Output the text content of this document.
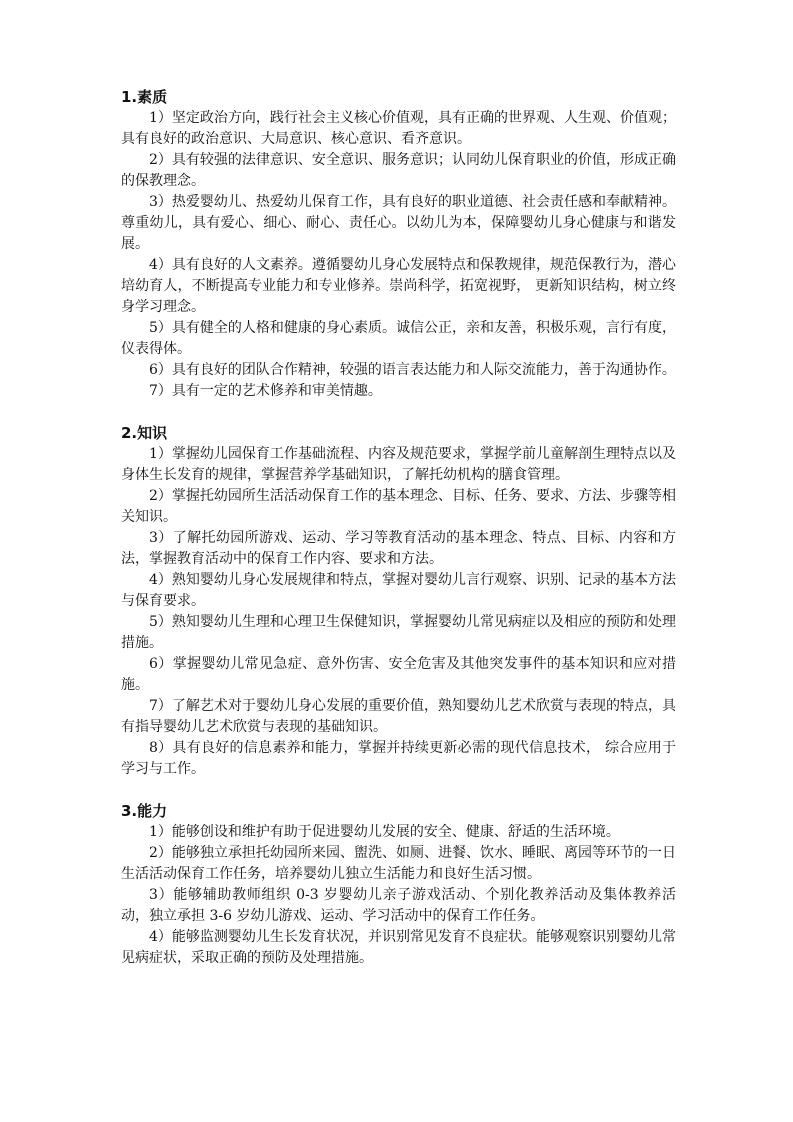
1.素质

1）坚定政治方向，践行社会主义核心价值观，具有正确的世界观、人生观、价值观；具有良好的政治意识、大局意识、核心意识、看齐意识。

2）具有较强的法律意识、安全意识、服务意识；认同幼儿保育职业的价值，形成正确的保教理念。

3）热爱婴幼儿、热爱幼儿保育工作，具有良好的职业道德、社会责任感和奉献精神。尊重幼儿，具有爱心、细心、耐心、责任心。以幼儿为本，保障婴幼儿身心健康与和谐发展。

4）具有良好的人文素养。遵循婴幼儿身心发展特点和保教规律，规范保教行为，潜心培幼育人，不断提高专业能力和专业修养。崇尚科学，拓宽视野， 更新知识结构，树立终身学习理念。

5）具有健全的人格和健康的身心素质。诚信公正，亲和友善，积极乐观，言行有度，仪表得体。

6）具有良好的团队合作精神，较强的语言表达能力和人际交流能力，善于沟通协作。

7）具有一定的艺术修养和审美情趣。

2.知识

1）掌握幼儿园保育工作基础流程、内容及规范要求，掌握学前儿童解剖生理特点以及身体生长发育的规律，掌握营养学基础知识，了解托幼机构的膳食管理。

2）掌握托幼园所生活活动保育工作的基本理念、目标、任务、要求、方法、步骤等相关知识。

3）了解托幼园所游戏、运动、学习等教育活动的基本理念、特点、目标、内容和方法，掌握教育活动中的保育工作内容、要求和方法。

4）熟知婴幼儿身心发展规律和特点，掌握对婴幼儿言行观察、识别、记录的基本方法与保育要求。

5）熟知婴幼儿生理和心理卫生保健知识，掌握婴幼儿常见病症以及相应的预防和处理措施。

6）掌握婴幼儿常见急症、意外伤害、安全危害及其他突发事件的基本知识和应对措施。

7）了解艺术对于婴幼儿身心发展的重要价值，熟知婴幼儿艺术欣赏与表现的特点，具有指导婴幼儿艺术欣赏与表现的基础知识。

8）具有良好的信息素养和能力，掌握并持续更新必需的现代信息技术， 综合应用于学习与工作。

3.能力

1）能够创设和维护有助于促进婴幼儿发展的安全、健康、舒适的生活环境。

2）能够独立承担托幼园所来园、盥洗、如厕、进餐、饮水、睡眠、离园等环节的一日生活活动保育工作任务，培养婴幼儿独立生活能力和良好生活习惯。

3）能够辅助教师组织 0-3 岁婴幼儿亲子游戏活动、个别化教养活动及集体教养活动，独立承担 3-6 岁幼儿游戏、运动、学习活动中的保育工作任务。

4）能够监测婴幼儿生长发育状况，并识别常见发育不良症状。能够观察识别婴幼儿常见病症状，采取正确的预防及处理措施。
